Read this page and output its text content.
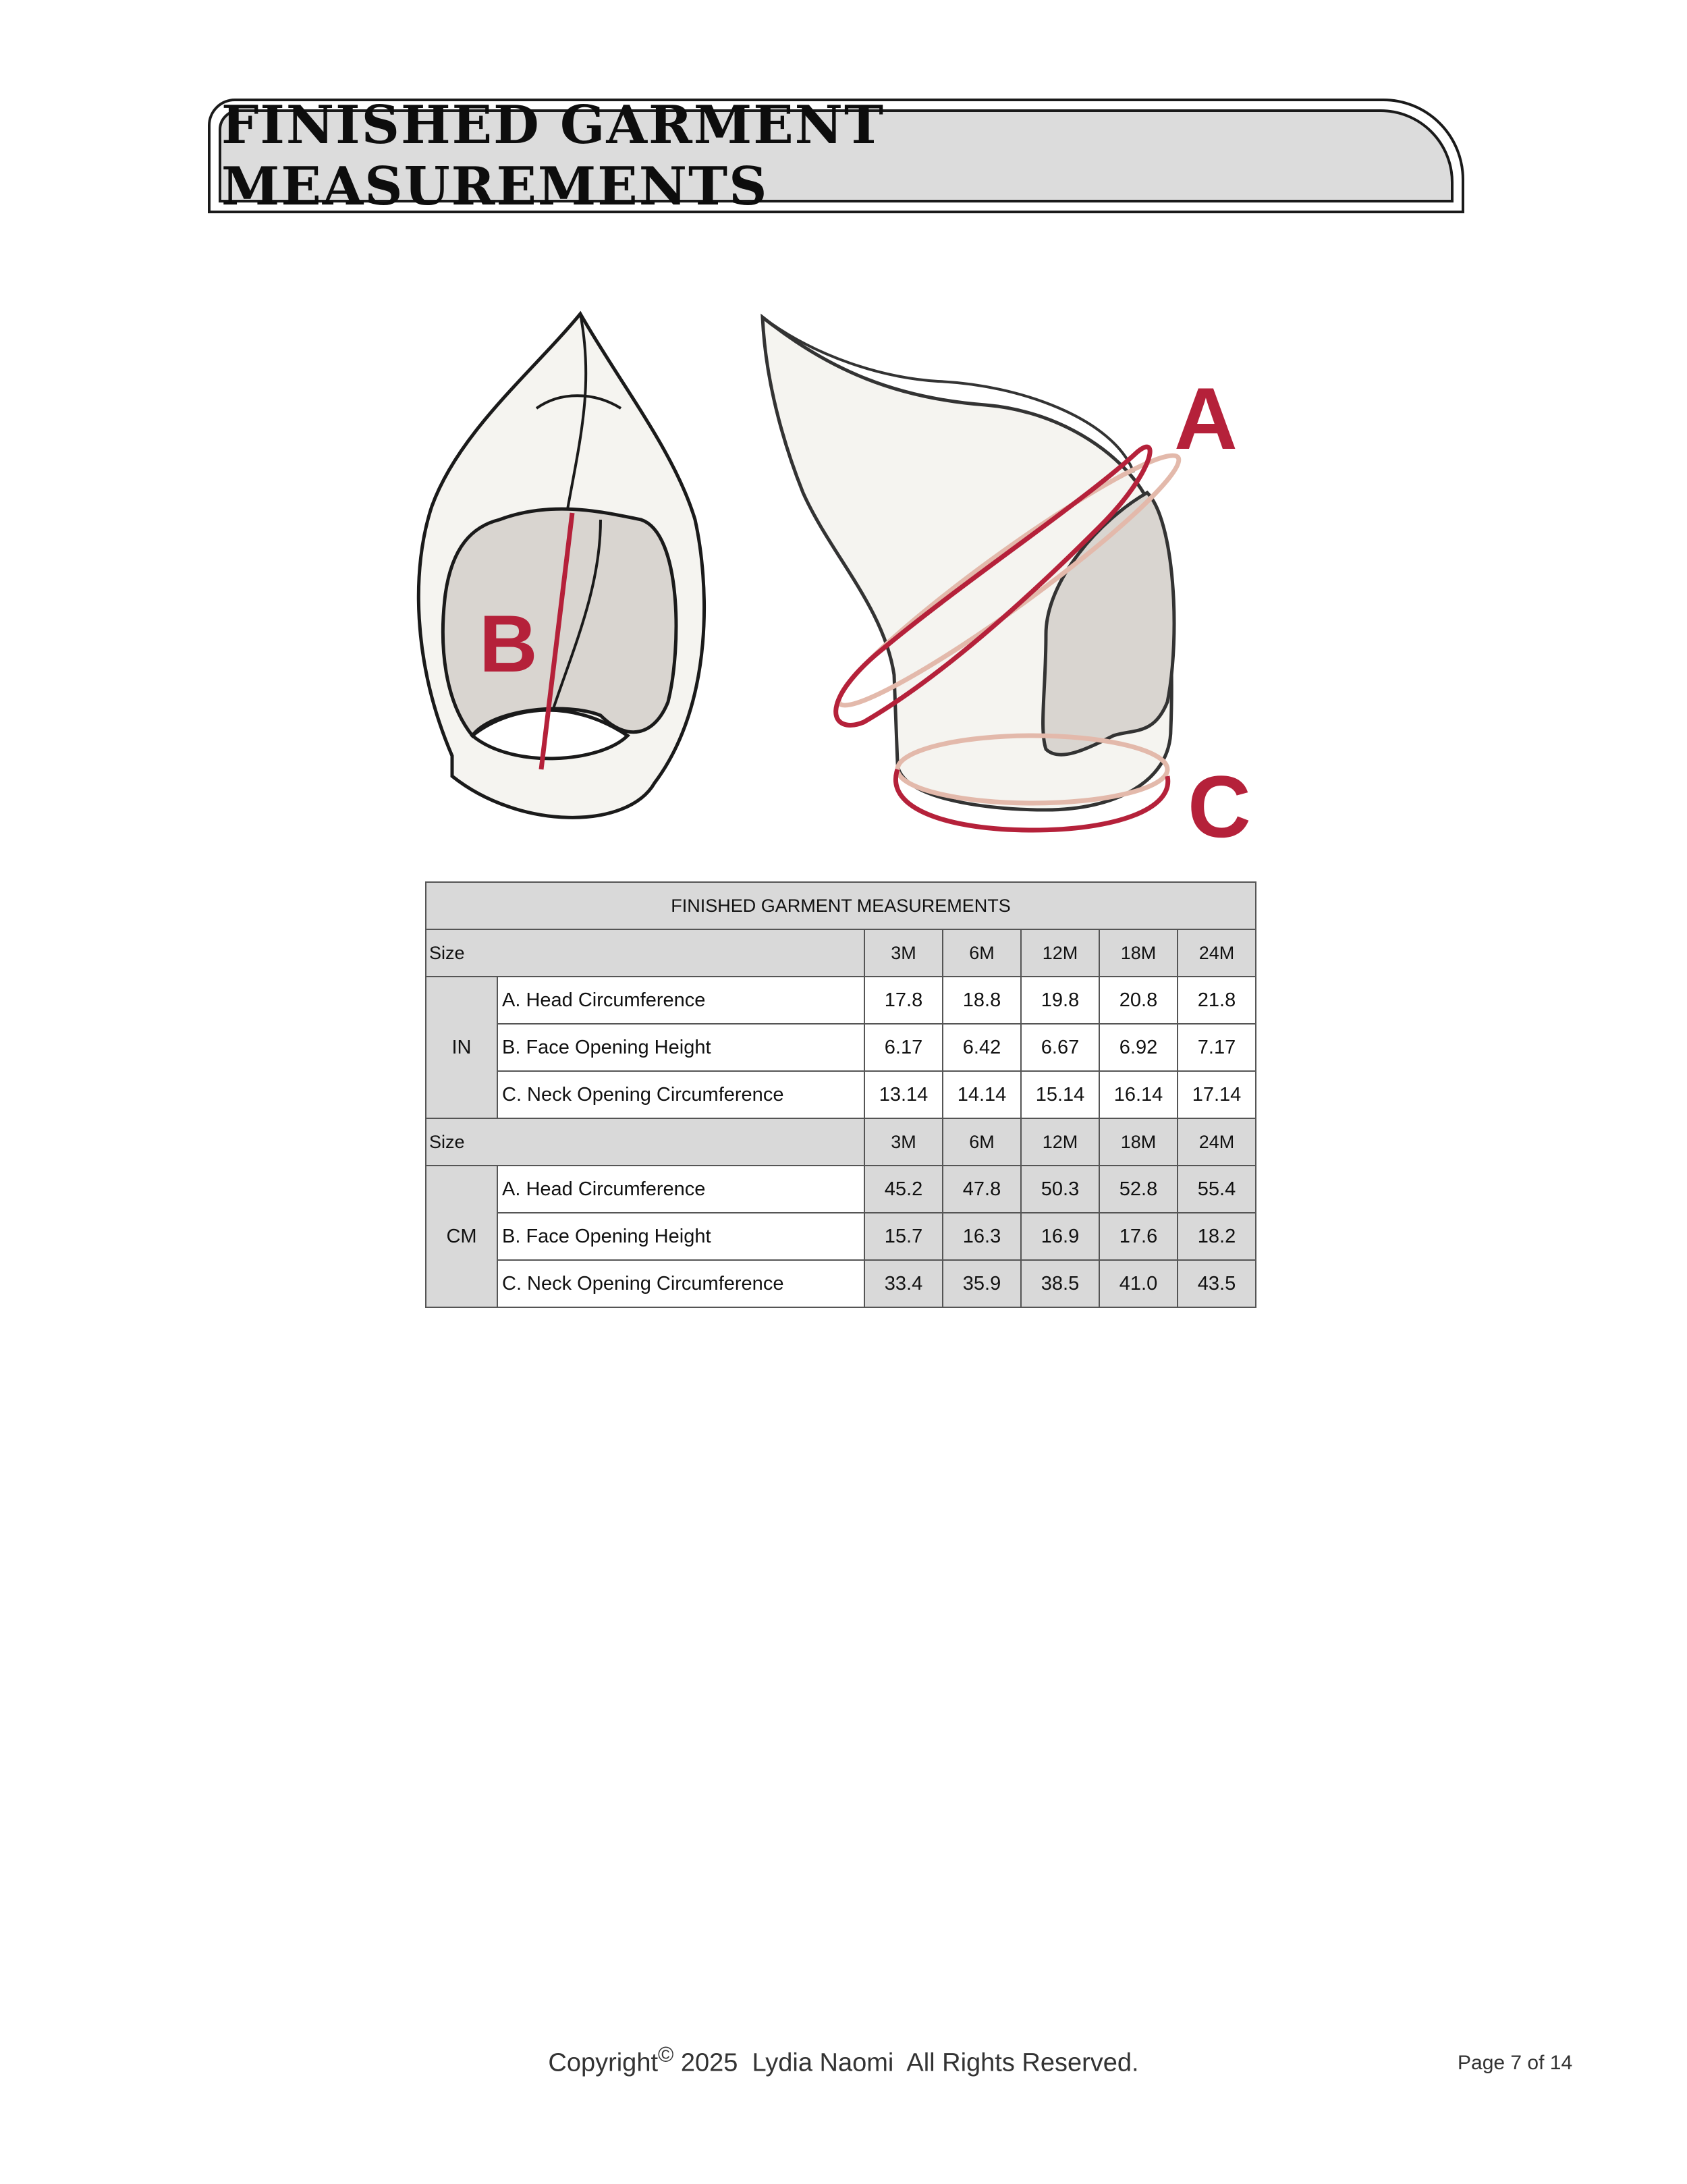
FINISHED GARMENT MEASUREMENTS
B
A
C
FINISHED GARMENT MEASUREMENTS						
Size		3M	6M	12M	18M	24M
IN	A. Head Circumference	17.8	18.8	19.8	20.8	21.8
	B. Face Opening Height	6.17	6.42	6.67	6.92	7.17
	C. Neck Opening Circumference	13.14	14.14	15.14	16.14	17.14
Size		3M	6M	12M	18M	24M
CM	A. Head Circumference	45.2	47.8	50.3	52.8	55.4
	B. Face Opening Height	15.7	16.3	16.9	17.6	18.2
	C. Neck Opening Circumference	33.4	35.9	38.5	41.0	43.5
Copyright© 2025  Lydia Naomi  All Rights Reserved.	Page 7 of 14
